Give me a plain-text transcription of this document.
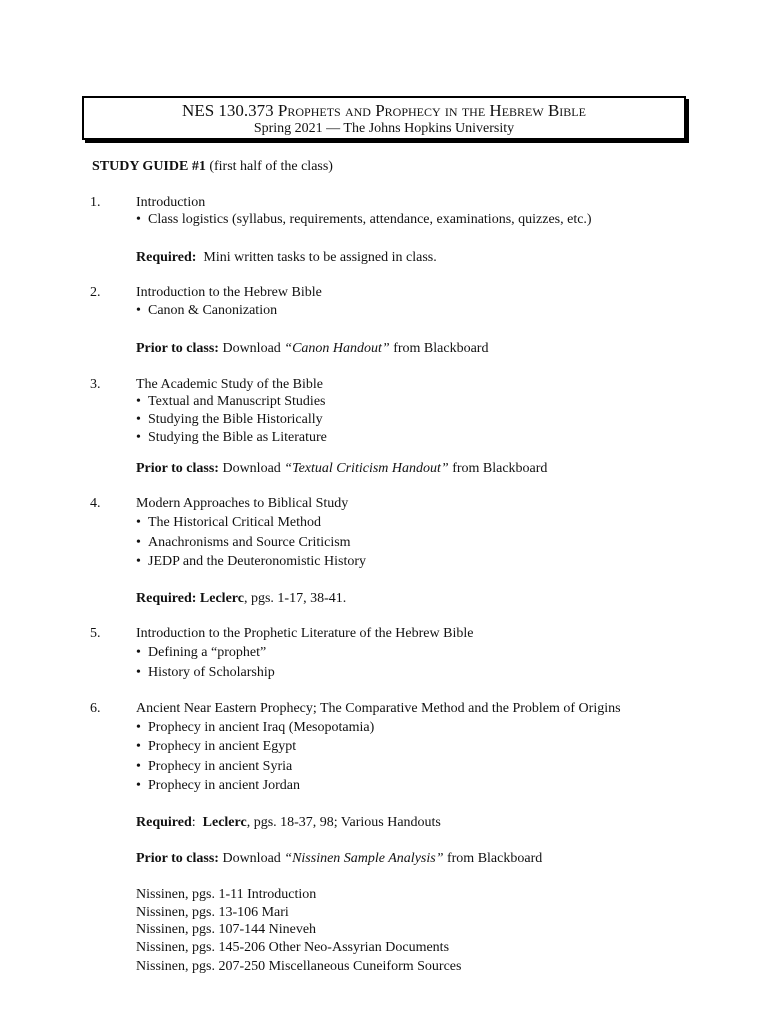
NES 130.373 Prophets and Prophecy in the Hebrew Bible
Spring 2021 — The Johns Hopkins University
STUDY GUIDE #1 (first half of the class)
1.	Introduction
• Class logistics (syllabus, requirements, attendance, examinations, quizzes, etc.)
Required: Mini written tasks to be assigned in class.
2.	Introduction to the Hebrew Bible
• Canon & Canonization
Prior to class: Download “Canon Handout” from Blackboard
3.	The Academic Study of the Bible
• Textual and Manuscript Studies
• Studying the Bible Historically
• Studying the Bible as Literature
Prior to class: Download “Textual Criticism Handout” from Blackboard
4.	Modern Approaches to Biblical Study
• The Historical Critical Method
• Anachronisms and Source Criticism
• JEDP and the Deuteronomistic History
Required: Leclerc, pgs. 1-17, 38-41.
5.	Introduction to the Prophetic Literature of the Hebrew Bible
• Defining a “prophet”
• History of Scholarship
6.	Ancient Near Eastern Prophecy; The Comparative Method and the Problem of Origins
• Prophecy in ancient Iraq (Mesopotamia)
• Prophecy in ancient Egypt
• Prophecy in ancient Syria
• Prophecy in ancient Jordan
Required: Leclerc, pgs. 18-37, 98; Various Handouts
Prior to class: Download “Nissinen Sample Analysis” from Blackboard
Nissinen, pgs. 1-11 Introduction
Nissinen, pgs. 13-106 Mari
Nissinen, pgs. 107-144 Nineveh
Nissinen, pgs. 145-206 Other Neo-Assyrian Documents
Nissinen, pgs. 207-250 Miscellaneous Cuneiform Sources
